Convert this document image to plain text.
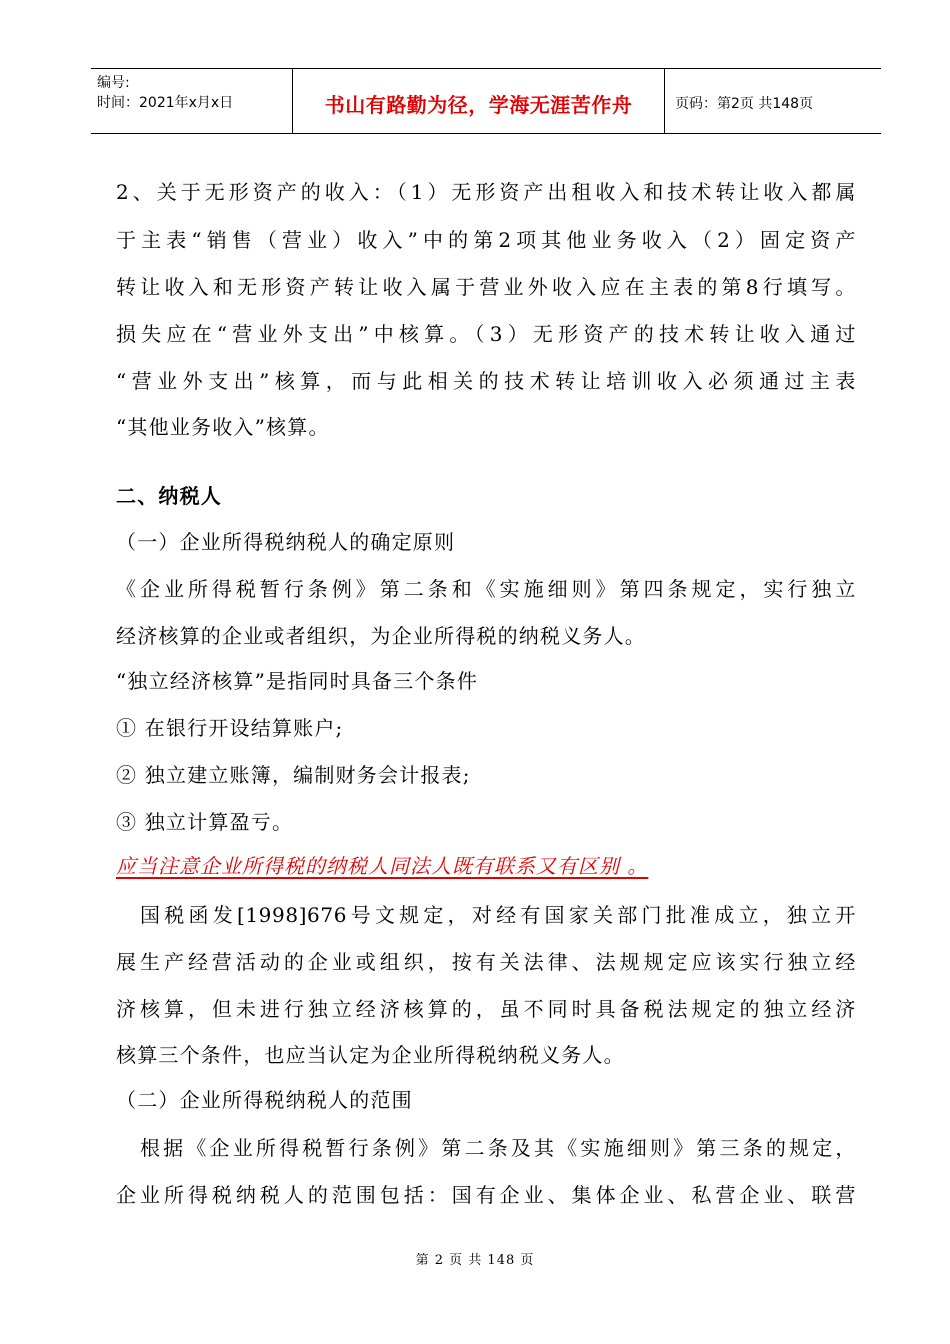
编号:
时间：2021年x月x日	书山有路勤为径，学海无涯苦作舟	页码：第2页 共148页
2、关于无形资产的收入：（1）无形资产出租收入和技术转让收入都属
于主表“销售（营业）收入”中的第2项其他业务收入（2）固定资产
转让收入和无形资产转让收入属于营业外收入应在主表的第8行填写。
损失应在“营业外支出”中核算。（3）无形资产的技术转让收入通过
“营业外支出”核算，而与此相关的技术转让培训收入必须通过主表
“其他业务收入”核算。
二、纳税人
（一）企业所得税纳税人的确定原则
《企业所得税暂行条例》第二条和《实施细则》第四条规定，实行独立
经济核算的企业或者组织，为企业所得税的纳税义务人。
“独立经济核算”是指同时具备三个条件
① 在银行开设结算账户;
② 独立建立账簿，编制财务会计报表;
③ 独立计算盈亏。
应当注意企业所得税的纳税人同法人既有联系又有区别 。
国税函发[1998]676号文规定，对经有国家关部门批准成立，独立开
展生产经营活动的企业或组织，按有关法律、法规规定应该实行独立经
济核算，但未进行独立经济核算的，虽不同时具备税法规定的独立经济
核算三个条件，也应当认定为企业所得税纳税义务人。
（二）企业所得税纳税人的范围
根据《企业所得税暂行条例》第二条及其《实施细则》第三条的规定，
企业所得税纳税人的范围包括：国有企业、集体企业、私营企业、联营
第 2 页 共 148 页
